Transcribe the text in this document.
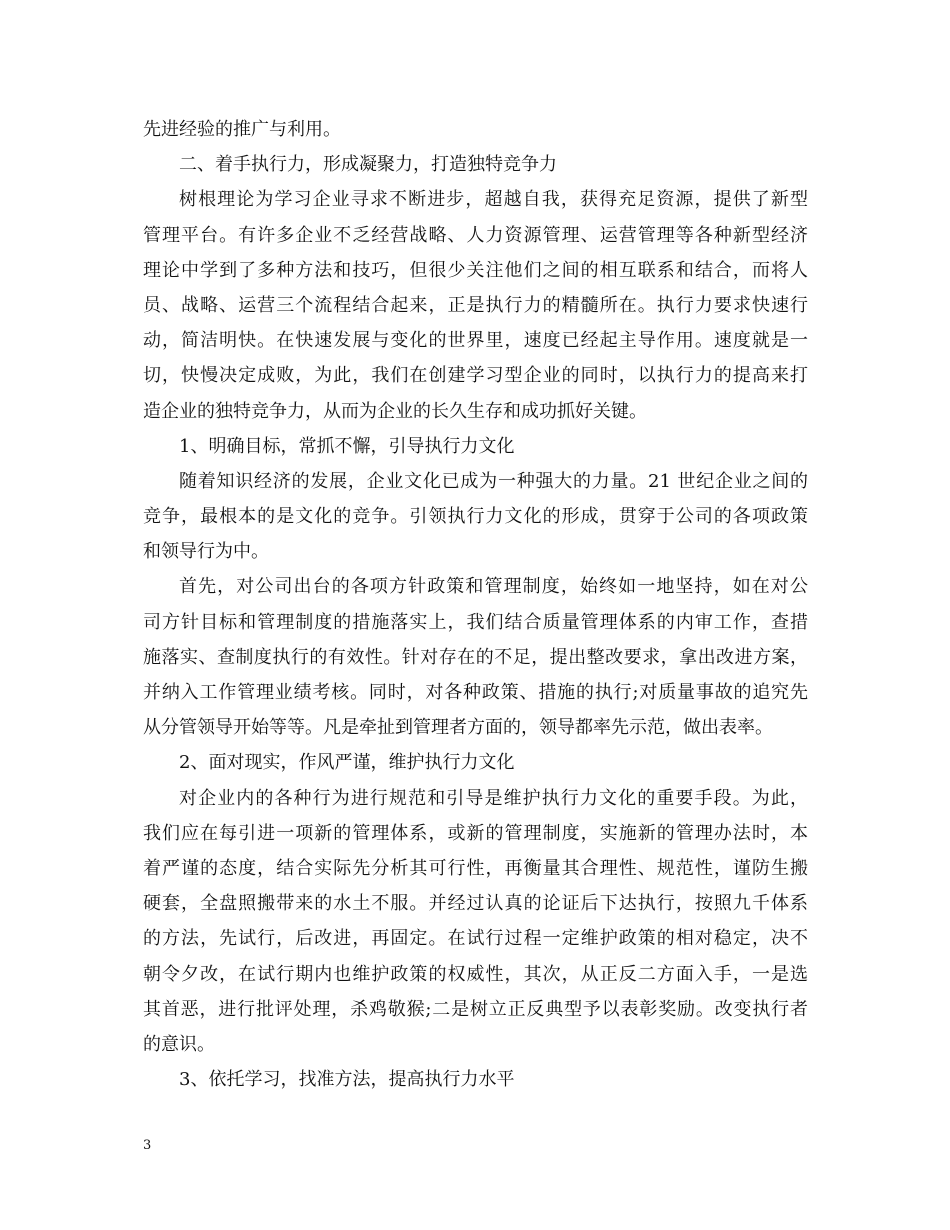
先进经验的推广与利用。
二、着手执行力，形成凝聚力，打造独特竞争力
树根理论为学习企业寻求不断进步，超越自我，获得充足资源，提供了新型
管理平台。有许多企业不乏经营战略、人力资源管理、运营管理等各种新型经济
理论中学到了多种方法和技巧，但很少关注他们之间的相互联系和结合，而将人
员、战略、运营三个流程结合起来，正是执行力的精髓所在。执行力要求快速行
动，简洁明快。在快速发展与变化的世界里，速度已经起主导作用。速度就是一
切，快慢决定成败，为此，我们在创建学习型企业的同时，以执行力的提高来打
造企业的独特竞争力，从而为企业的长久生存和成功抓好关键。
1、明确目标，常抓不懈，引导执行力文化
随着知识经济的发展，企业文化已成为一种强大的力量。21 世纪企业之间的
竞争，最根本的是文化的竞争。引领执行力文化的形成，贯穿于公司的各项政策
和领导行为中。
首先，对公司出台的各项方针政策和管理制度，始终如一地坚持，如在对公
司方针目标和管理制度的措施落实上，我们结合质量管理体系的内审工作，查措
施落实、查制度执行的有效性。针对存在的不足，提出整改要求，拿出改进方案，
并纳入工作管理业绩考核。同时，对各种政策、措施的执行;对质量事故的追究先
从分管领导开始等等。凡是牵扯到管理者方面的，领导都率先示范，做出表率。
2、面对现实，作风严谨，维护执行力文化
对企业内的各种行为进行规范和引导是维护执行力文化的重要手段。为此，
我们应在每引进一项新的管理体系，或新的管理制度，实施新的管理办法时，本
着严谨的态度，结合实际先分析其可行性，再衡量其合理性、规范性，谨防生搬
硬套，全盘照搬带来的水土不服。并经过认真的论证后下达执行，按照九千体系
的方法，先试行，后改进，再固定。在试行过程一定维护政策的相对稳定，决不
朝令夕改，在试行期内也维护政策的权威性，其次，从正反二方面入手，一是选
其首恶，进行批评处理，杀鸡敬猴;二是树立正反典型予以表彰奖励。改变执行者
的意识。
3、依托学习，找准方法，提高执行力水平
3
